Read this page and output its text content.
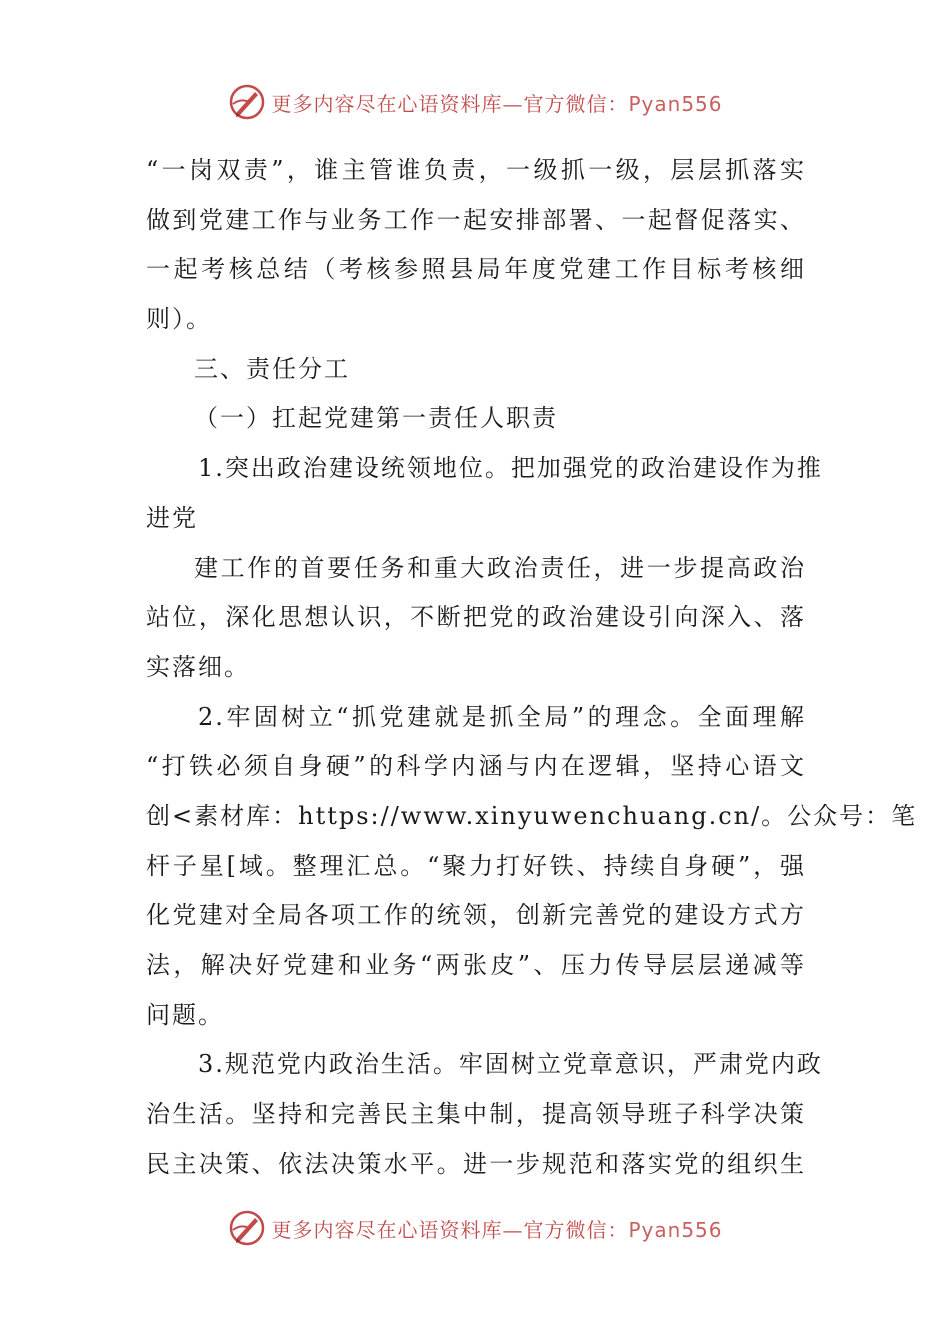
更多内容尽在心语资料库—官方微信：Pyan556
“一岗双责”，谁主管谁负责，一级抓一级，层层抓落实
做到党建工作与业务工作一起安排部署、一起督促落实、
一起考核总结（考核参照县局年度党建工作目标考核细
则）。
三、责任分工
（一）扛起党建第一责任人职责
1.突出政治建设统领地位。把加强党的政治建设作为推
进党
建工作的首要任务和重大政治责任，进一步提高政治
站位，深化思想认识，不断把党的政治建设引向深入、落
实落细。
2.牢固树立“抓党建就是抓全局”的理念。全面理解
“打铁必须自身硬”的科学内涵与内在逻辑，坚持心语文
创<素材库：https://www.xinyuwenchuang.cn/。公众号：笔
杆子星[域。整理汇总。“聚力打好铁、持续自身硬”，强
化党建对全局各项工作的统领，创新完善党的建设方式方
法，解决好党建和业务“两张皮”、压力传导层层递减等
问题。
3.规范党内政治生活。牢固树立党章意识，严肃党内政
治生活。坚持和完善民主集中制，提高领导班子科学决策
民主决策、依法决策水平。进一步规范和落实党的组织生
更多内容尽在心语资料库—官方微信：Pyan556
